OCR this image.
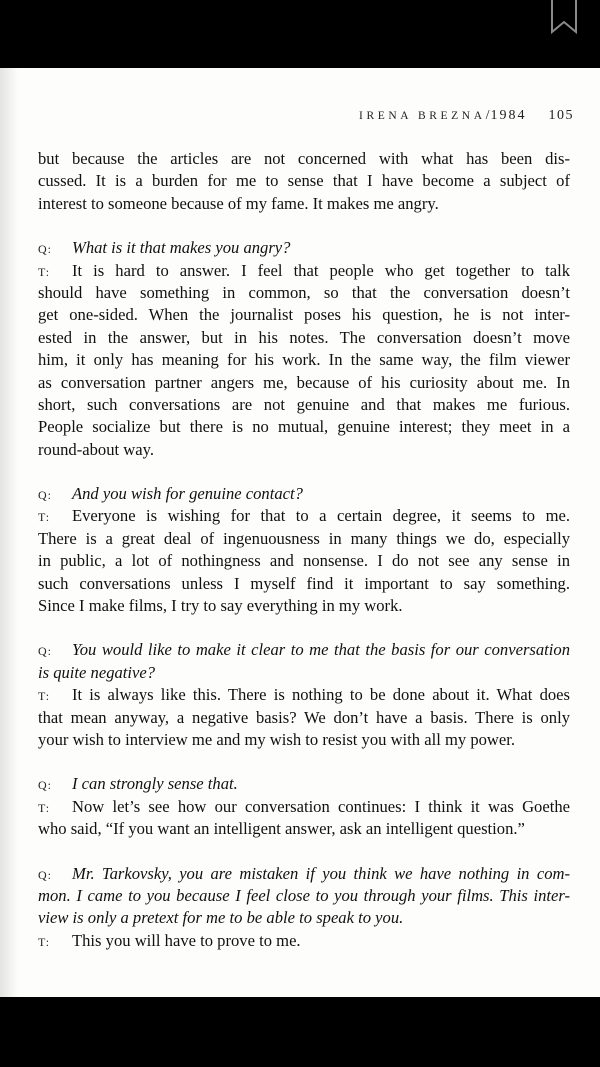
IRENA BREZNA / 1984 105
but because the articles are not concerned with what has been dis-
cussed. It is a burden for me to sense that I have become a subject of
interest to someone because of my fame. It makes me angry.
Q: What is it that makes you angry?
T: It is hard to answer. I feel that people who get together to talk
should have something in common, so that the conversation doesn’t
get one-sided. When the journalist poses his question, he is not inter-
ested in the answer, but in his notes. The conversation doesn’t move
him, it only has meaning for his work. In the same way, the film viewer
as conversation partner angers me, because of his curiosity about me. In
short, such conversations are not genuine and that makes me furious.
People socialize but there is no mutual, genuine interest; they meet in a
round-about way.
Q: And you wish for genuine contact?
T: Everyone is wishing for that to a certain degree, it seems to me.
There is a great deal of ingenuousness in many things we do, especially
in public, a lot of nothingness and nonsense. I do not see any sense in
such conversations unless I myself find it important to say something.
Since I make films, I try to say everything in my work.
Q: You would like to make it clear to me that the basis for our conversation
is quite negative?
T: It is always like this. There is nothing to be done about it. What does
that mean anyway, a negative basis? We don’t have a basis. There is only
your wish to interview me and my wish to resist you with all my power.
Q: I can strongly sense that.
T: Now let’s see how our conversation continues: I think it was Goethe
who said, “If you want an intelligent answer, ask an intelligent question.”
Q: Mr. Tarkovsky, you are mistaken if you think we have nothing in com-
mon. I came to you because I feel close to you through your films. This inter-
view is only a pretext for me to be able to speak to you.
T: This you will have to prove to me.
